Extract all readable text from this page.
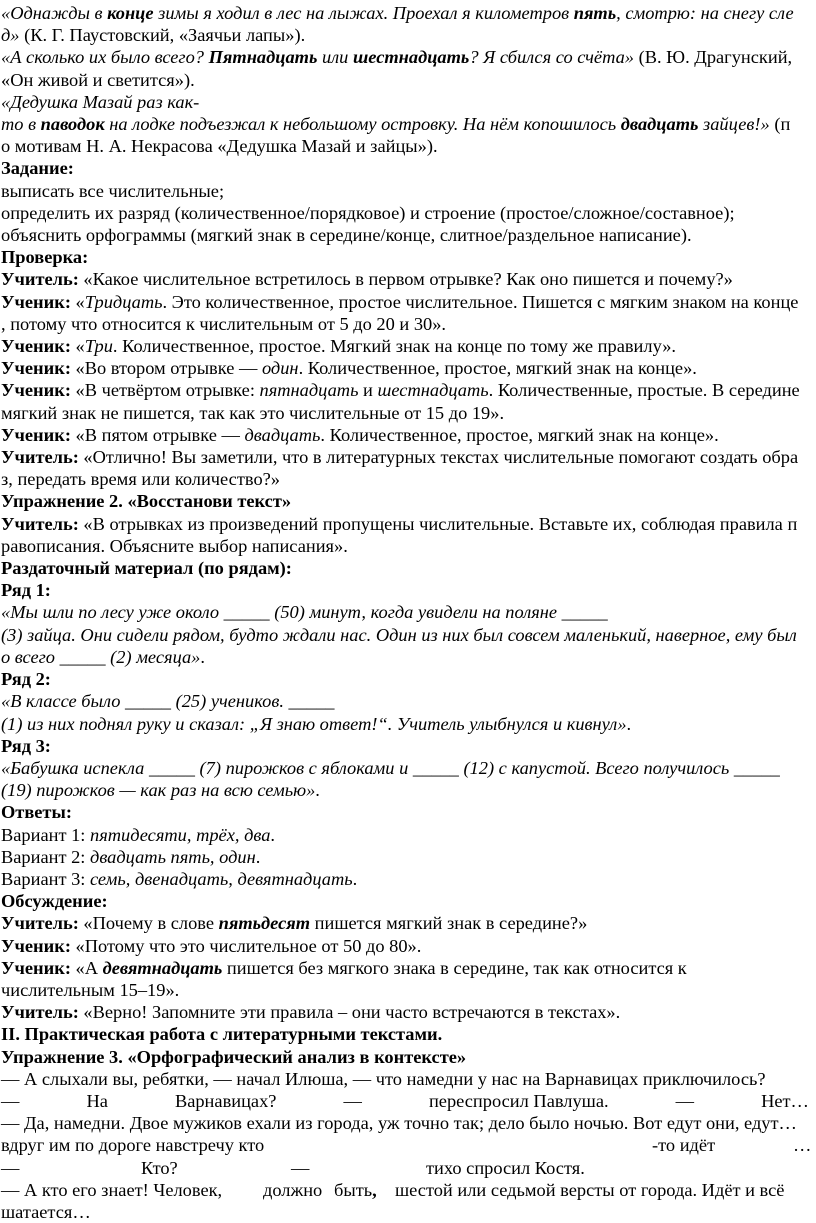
«Однажды в конце зимы я ходил в лес на лыжах. Проехал я километров пять, смотрю: на снегу сле
д» (К. Г. Паустовский, «Заячьи лапы»).
«А сколько их было всего? Пятнадцать или шестнадцать? Я сбился со счёта» (В. Ю. Драгунский,
«Он живой и светится»).
«Дедушка Мазай раз как-
то в паводок на лодке подъезжал к небольшому островку. На нём копошилось двадцать зайцев!» (п
о мотивам Н. А. Некрасова «Дедушка Мазай и зайцы»).
Задание:
выписать все числительные;
определить их разряд (количественное/порядковое) и строение (простое/сложное/составное);
объяснить орфограммы (мягкий знак в середине/конце, слитное/раздельное написание).
Проверка:
Учитель: «Какое числительное встретилось в первом отрывке? Как оно пишется и почему?»
Ученик: «Тридцать. Это количественное, простое числительное. Пишется с мягким знаком на конце
, потому что относится к числительным от 5 до 20 и 30».
Ученик: «Три. Количественное, простое. Мягкий знак на конце по тому же правилу».
Ученик: «Во втором отрывке — один. Количественное, простое, мягкий знак на конце».
Ученик: «В четвёртом отрывке: пятнадцать и шестнадцать. Количественные, простые. В середине
мягкий знак не пишется, так как это числительные от 15 до 19».
Ученик: «В пятом отрывке — двадцать. Количественное, простое, мягкий знак на конце».
Учитель: «Отлично! Вы заметили, что в литературных текстах числительные помогают создать обра
з, передать время или количество?»
Упражнение 2. «Восстанови текст»
Учитель: «В отрывках из произведений пропущены числительные. Вставьте их, соблюдая правила п
равописания. Объясните выбор написания».
Раздаточный материал (по рядам):
Ряд 1:
«Мы шли по лесу уже около _____ (50) минут, когда увидели на поляне _____
(3) зайца. Они сидели рядом, будто ждали нас. Один из них был совсем маленький, наверное, ему был
о всего _____ (2) месяца».
Ряд 2:
«В классе было _____ (25) учеников. _____
(1) из них поднял руку и сказал: „Я знаю ответ!“. Учитель улыбнулся и кивнул».
Ряд 3:
«Бабушка испекла _____ (7) пирожков с яблоками и _____ (12) с капустой. Всего получилось _____
(19) пирожков — как раз на всю семью».
Ответы:
Вариант 1: пятидесяти, трёх, два.
Вариант 2: двадцать пять, один.
Вариант 3: семь, двенадцать, девятнадцать.
Обсуждение:
Учитель: «Почему в слове пятьдесят пишется мягкий знак в середине?»
Ученик: «Потому что это числительное от 50 до 80».
Ученик: «А девятнадцать пишется без мягкого знака в середине, так как относится к
числительным 15–19».
Учитель: «Верно! Запомните эти правила – они часто встречаются в текстах».
II. Практическая работа с литературными текстами.
Упражнение 3. «Орфографический анализ в контексте»
— А слыхали вы, ребятки, — начал Илюша, — что намедни у нас на Варнавицах приключилось?
—	На	Варнавицах?	—	переспросил Павлуша.	—	Нет…
— Да, намедни. Двое мужиков ехали из города, уж точно так; дело было ночью. Вот едут они, едут…
вдруг им по дороге навстречу кто	-то идёт	…
—	Кто?	—	тихо спросил Костя.
— А кто его знает! Человек, должно быть, шестой или седьмой версты от города. Идёт и всё
шатается…
